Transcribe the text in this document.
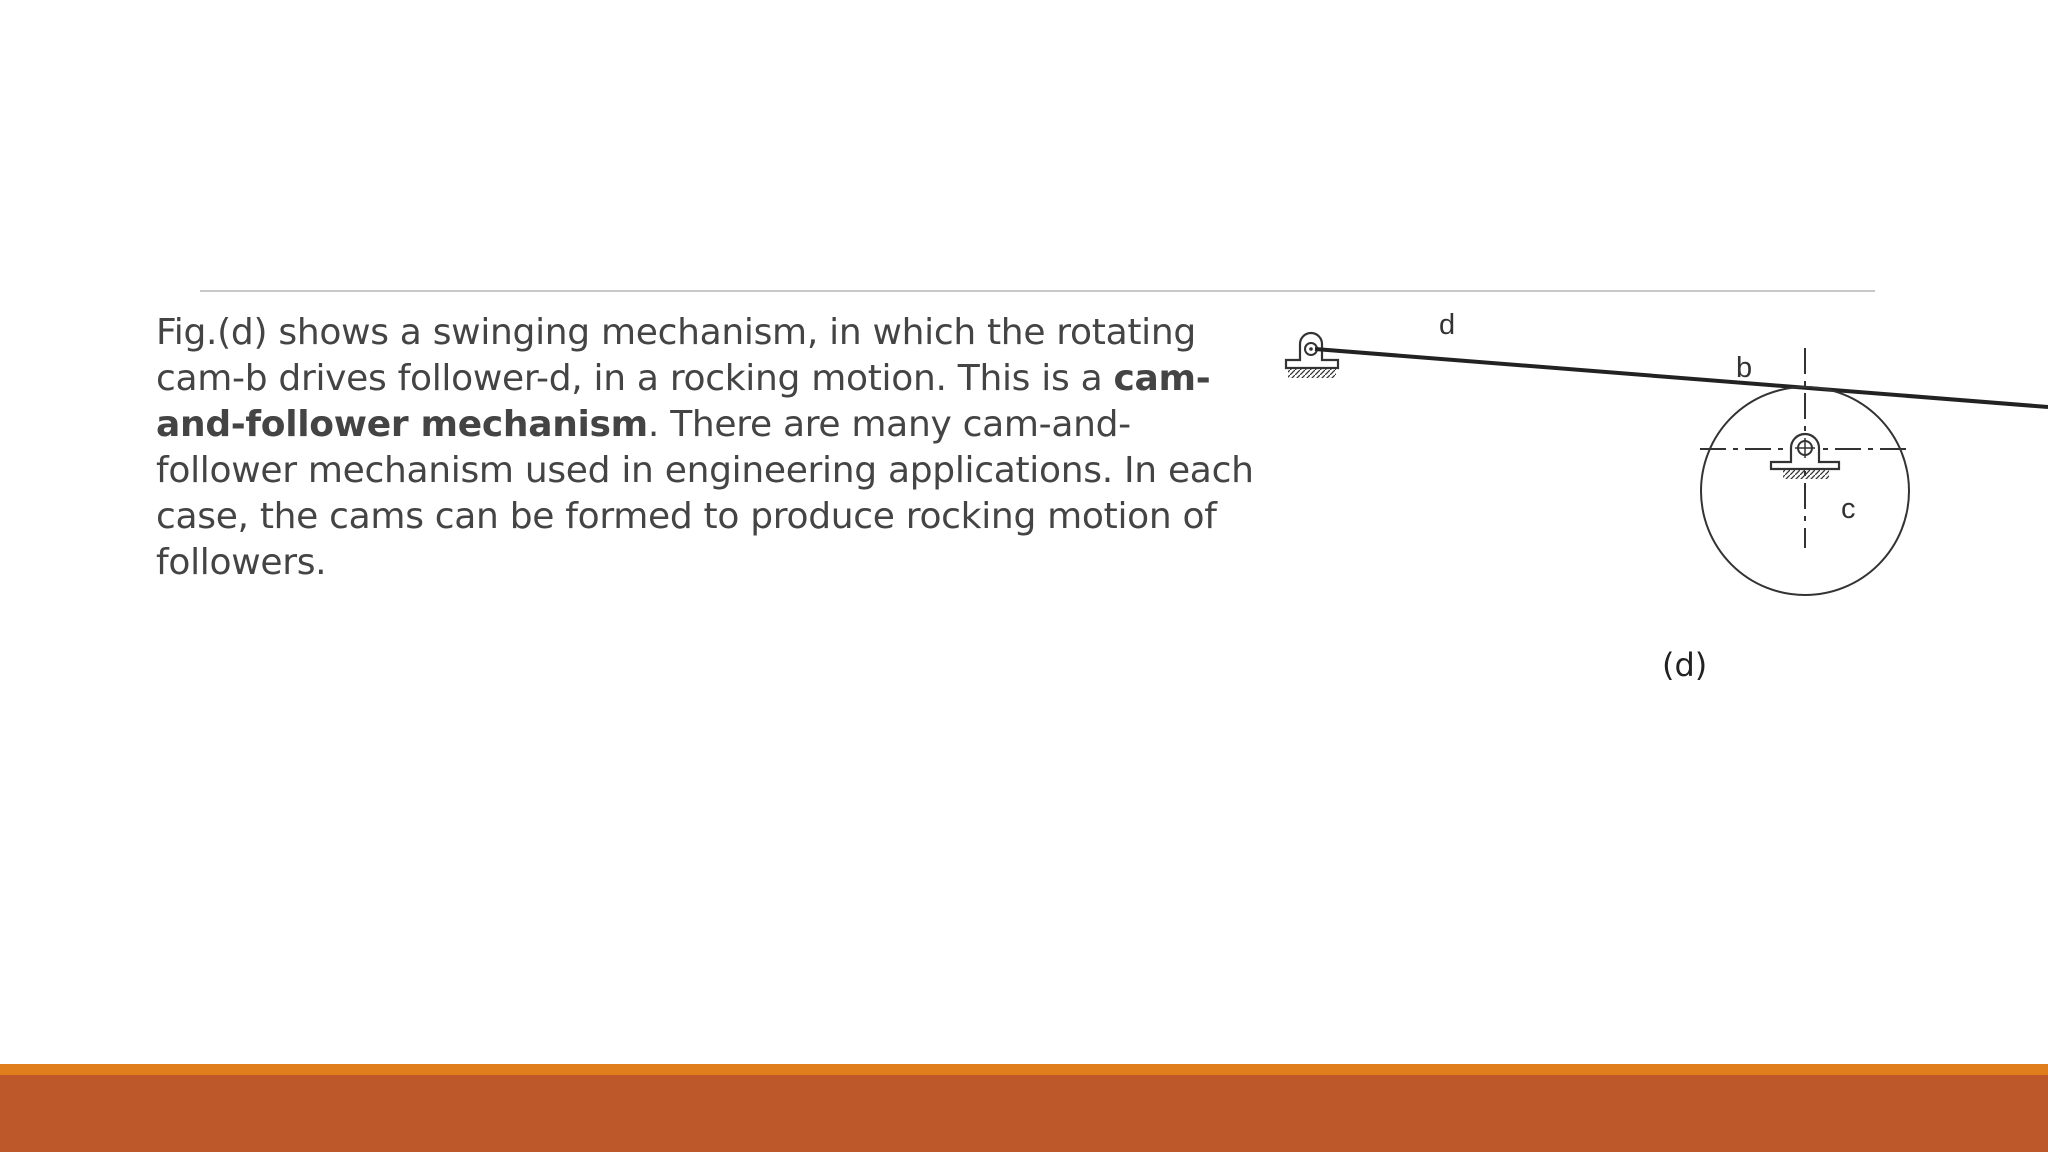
Fig.(d) shows a swinging mechanism, in which the rotating cam-b drives follower-d, in a rocking motion. This is a cam-and-follower mechanism. There are many cam-and-follower mechanism used in engineering applications. In each case, the cams can be formed to produce rocking motion of followers.
d
b
c
(d)
